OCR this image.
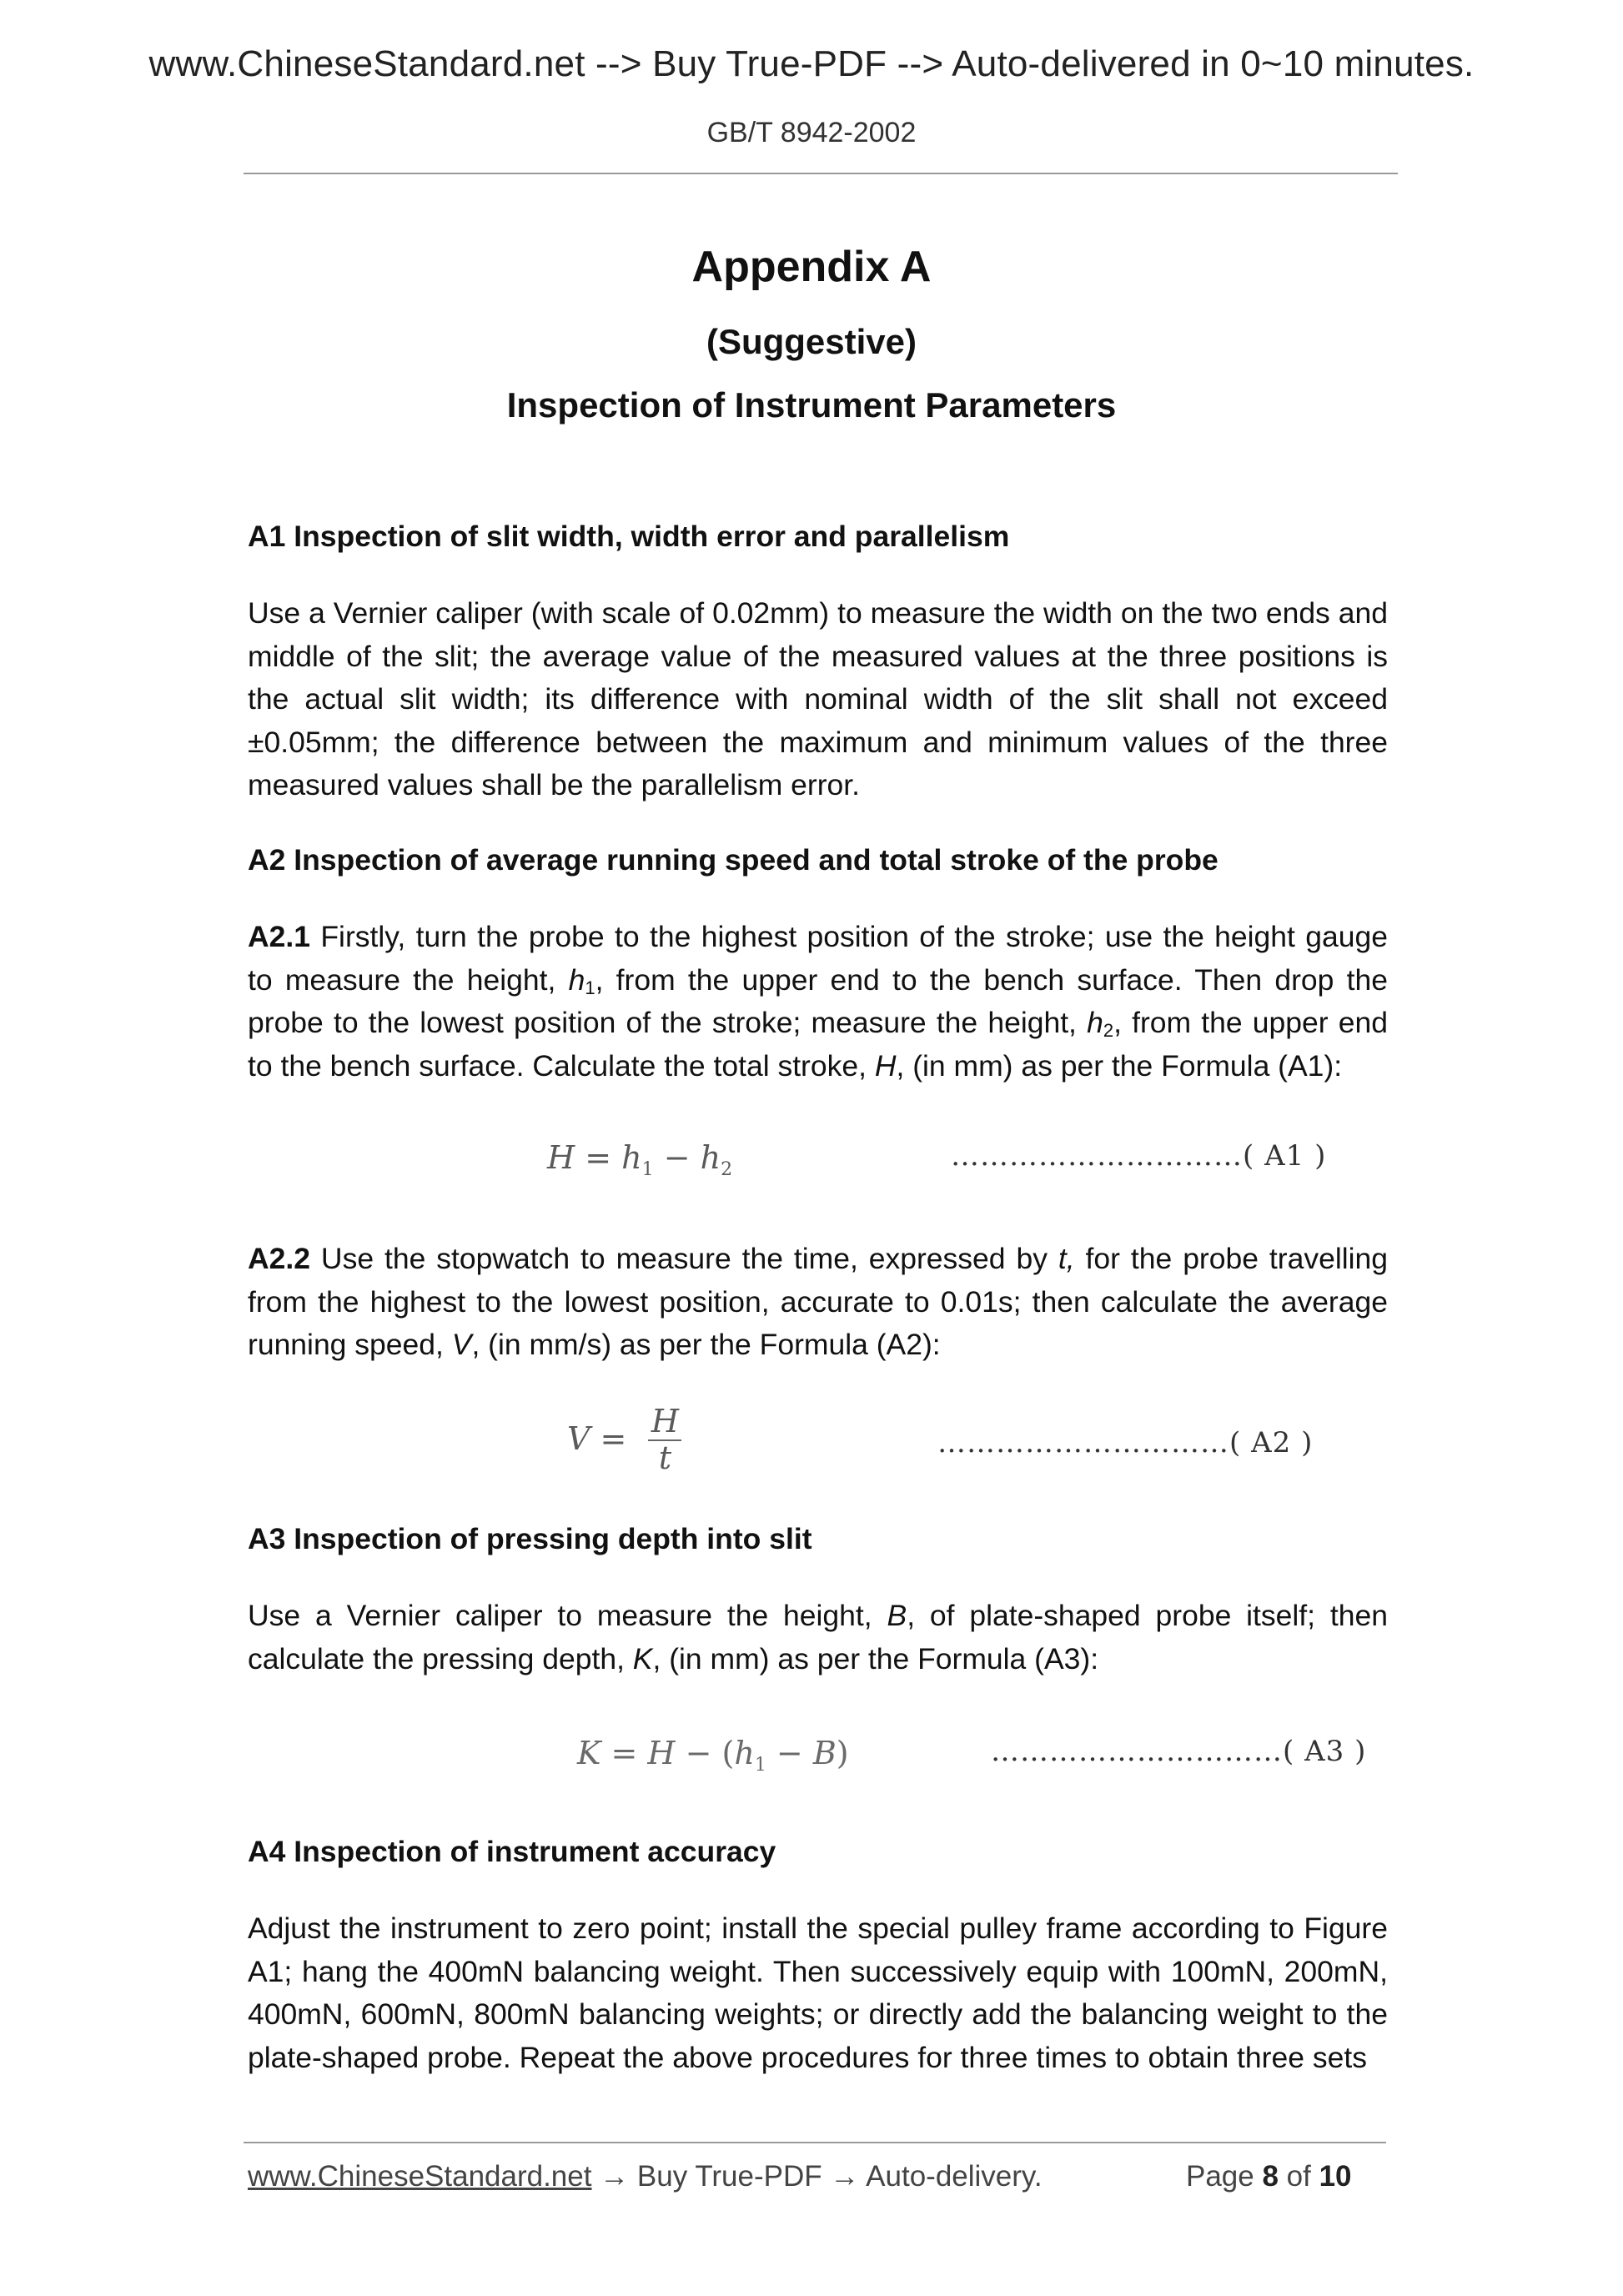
www.ChineseStandard.net --> Buy True-PDF --> Auto-delivered in 0~10 minutes.
GB/T 8942-2002
Appendix A
(Suggestive)
Inspection of Instrument Parameters
A1 Inspection of slit width, width error and parallelism

Use a Vernier caliper (with scale of 0.02mm) to measure the width on the two ends and middle of the slit; the average value of the measured values at the three positions is the actual slit width; its difference with nominal width of the slit shall not exceed ±0.05mm; the difference between the maximum and minimum values of the three measured values shall be the parallelism error.

A2 Inspection of average running speed and total stroke of the probe

A2.1 Firstly, turn the probe to the highest position of the stroke; use the height gauge to measure the height, $h_1$, from the upper end to the bench surface. Then drop the probe to the lowest position of the stroke; measure the height, $h_2$, from the upper end to the bench surface. Calculate the total stroke, H, (in mm) as per the Formula (A1):

$H = h_1 - h_2$	…………………………( A1 )

A2.2 Use the stopwatch to measure the time, expressed by t, for the probe travelling from the highest to the lowest position, accurate to 0.01s; then calculate the average running speed, V, (in mm/s) as per the Formula (A2):

$V = \frac{H}{t}$	…………………………( A2 )
A3 Inspection of pressing depth into slit

Use a Vernier caliper to measure the height, B, of plate-shaped probe itself; then calculate the pressing depth, K, (in mm) as per the Formula (A3):

$K = H - (h_1 - B)$	…………………………( A3 )
A4 Inspection of instrument accuracy

Adjust the instrument to zero point; install the special pulley frame according to Figure A1; hang the 400mN balancing weight. Then successively equip with 100mN, 200mN, 400mN, 600mN, 800mN balancing weights; or directly add the balancing weight to the plate-shaped probe. Repeat the above procedures for three times to obtain three sets

www.ChineseStandard.net → Buy True-PDF → Auto-delivery.	Page 8 of 10
